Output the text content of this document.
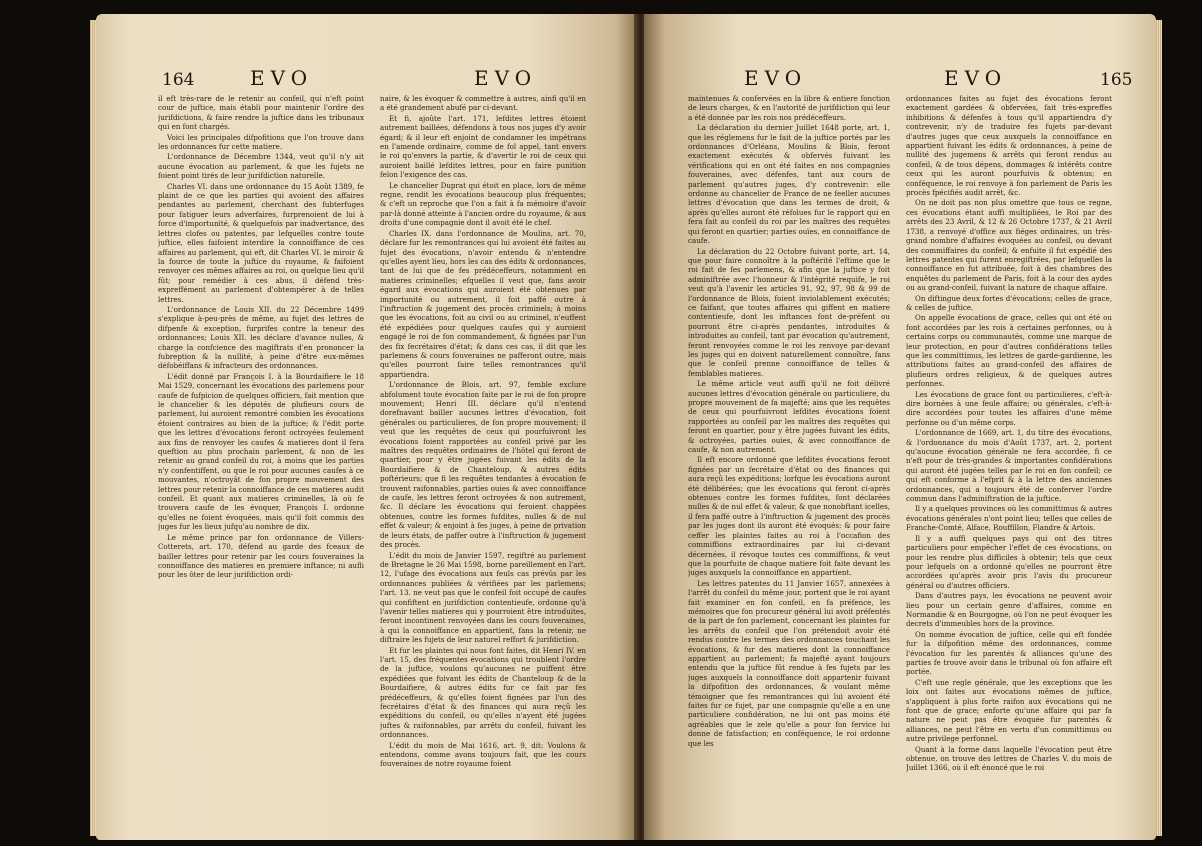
164	EVO	EVO

il eft très-rare de le retenir au confeil, qui n'eft point cour de juftice, mais établi pour maintenir l'ordre des jurifdictions, & faire rendre la juftice dans les tribunaux qui en font chargés.

Voici les principales difpofitions que l'on trouve dans les ordonnances fur cette matiere.

L'ordonnance de Décembre 1344, veut qu'il n'y ait aucune évocation au parlement, & que les fujets ne foient point tirés de leur jurifdiction naturelle.

Charles VI. dans une ordonnance du 15 Août 1389, fe plaint de ce que les parties qui avoient des affaires pendantes au parlement, cherchant des fubterfuges pour fatiguer leurs adverfaires, furprenoient de lui à force d'importunité, & quelquefois par inadvertance, des lettres clofes ou patentes, par lefquelles contre toute juftice, elles faifoient interdire la connoiffance de ces affaires au parlement, qui eft, dit Charles VI. le miroir & la fource de toute la juftice du royaume, & faifoient renvoyer ces mêmes affaires au roi, ou quelque lieu qu'il fût; pour remédier à ces abus, il défend très-expreffément au parlement d'obtempérer à de telles lettres.

L'ordonnance de Louis XII. du 22 Décembre 1499 s'explique à-peu-près de même, au fujet des lettres de difpenfe & exception, furprifes contre la teneur des ordonnances; Louis XII. les déclare d'avance nulles, & charge la confcience des magiftrats d'en prononcer la fubreption & la nullité, à peine d'être eux-mêmes défobéiffans & infracteurs des ordonnances.

L'édit donné par François I. à la Bourdaifiere le 18 Mai 1529, concernant les évocations des parlemens pour caufe de fufpicion de quelques officiers, fait mention que le chancelier & les députés de plufieurs cours de parlement, lui auroient remontré combien les évocations étoient contraires au bien de la juftice; & l'édit porte que les lettres d'évocations feront octroyées feulement aux fins de renvoyer les caufes & matieres dont il fera queftion au plus prochain parlement, & non de les retenir au grand confeil du roi, à moins que les parties n'y confentiffent, ou que le roi pour aucunes caufes à ce mouvantes, n'octroyât de fon propre mouvement des lettres pour retenir la connoiffance de ces matieres audit confeil. Et quant aux matieres criminelles, là où fe trouvera caufe de les évoquer, François I. ordonne qu'elles ne foient évoquées, mais qu'il foit commis des juges fur les lieux jufqu'au nombre de dix.

Le même prince par fon ordonnance de Villers-Cotterets, art. 170, défend au garde des fceaux de bailler lettres pour retenir par les cours fouveraines la connoiffance des matieres en premiere inftance; ni aufli pour les ôter de leur jurifdiction ordi-

naire, & les évoquer & commettre à autres, ainfi qu'il en a été grandement abufé par ci-devant.

Et fi, ajoûte l'art. 171, lefdites lettres étoient autrement baillées, défendons à tous nos juges d'y avoir égard; & il leur eft enjoint de condamner les impétrans en l'amende ordinaire, comme de fol appel, tant envers le roi qu'envers la partie, & d'avertir le roi de ceux qui auroient baillé lefdites lettres, pour en faire punition felon l'exigence des cas.

Le chancelier Duprat qui étoit en place, lors de même regne, rendit les évocations beaucoup plus fréquentes; & c'eft un reproche que l'on a fait à fa mémoire d'avoir par-là donné atteinte à l'ancien ordre du royaume, & aux droits d'une compagnie dont il avoit été le chef.

Charles IX. dans l'ordonnance de Moulins, art. 70, déclare fur les remontrances qui lui avoient été faites au fujet des évocations, n'avoir entendu & n'entendre qu'elles ayent lieu, hors les cas des édits & ordonnances, tant de lui que de fes prédéceffeurs, notamment en matieres criminelles; efquelles il veut que, fans avoir égard aux évocations qui auroient été obtenues par importunité ou autrement, il foit paffé outre à l'inftruction & jugement des procès criminels; à moins que les évocations, foit au civil ou au criminel, n'euffent été expédiées pour quelques caufes qui y auroient engagé le roi de fon commandement, & fignées par l'un des fix fecrétaires d'état; & dans ces cas, il dit que les parlemens & cours fouveraines ne pafferont outre, mais qu'elles pourront faire telles remontrances qu'il appartiendra.

L'ordonnance de Blois, art. 97, femble exclure abfolument toute évocation faite par le roi de fon propre mouvement; Henri III. déclare qu'il n'entend dorefnavant bailler aucunes lettres d'évocation, foit générales ou particulieres, de fon propre mouvement; il veut que les requêtes de ceux qui pourfuivront les évocations foient rapportées au confeil privé par les maîtres des requêtes ordinaires de l'hôtel qui feront de quartier, pour y être jugées fuivant les édits de la Bourdaifiere & de Chanteloup, & autres édits poftérieurs; que fi les requêtes tendantes à évocation fe trouvent raifonnables, parties ouies & avec connoiffance de caufe, les lettres feront octroyées & non autrement, &c. Il déclare les évocations qui feroient chappées obtenues, contre les formes fufdites, nulles & de nul effet & valeur; & enjoint à fes juges, à peine de privation de leurs états, de paffer outre à l'inftruction & jugement des procès.

L'édit du mois de Janvier 1597, regiftré au parlement de Bretagne le 26 Mai 1598, borne pareillement en l'art. 12, l'ufage des évocations aux feuls cas prévûs par les ordonnances publiées & vérifiées par les parlemens; l'art. 13. ne veut pas que le confeil foit occupé de caufes qui confiftent en jurifdiction contentieufe, ordonne qu'à l'avenir telles matieres qui y pourroient être introduites, feront incontinent renvoyées dans les cours fouveraines, à qui la connoiffance en appartient, fans la retenir, ne diftraire les fujets de leur naturel reffort & jurifdiction.

Et fur les plaintes qui nous font faites, dit Henri IV. en l'art. 15, des fréquentes évocations qui troublent l'ordre de la juftice, voulons qu'aucunes ne puiffent être expédiées que fuivant les édits de Chanteloup & de la Bourdaifiere, & autres édits fur ce fait par fes prédéceffeurs, & qu'elles foient fignées par l'un des fecrétaires d'état & des finances qui aura reçû les expéditions du confeil, ou qu'elles n'ayent été jugées juftes & raifonnables, par arrêts du confeil, fuivant les ordonnances.

L'édit du mois de Mai 1616, art. 9, dit: Voulons & entendons, comme avons toujours fait, que les cours fouveraines de notre royaume foient

EVO	EVO	165

maintenues & confervées en la libre & entiere fonction de leurs charges, & en l'autorité de jurifdiction qui leur a été donnée par les rois nos prédéceffeurs.

La déclaration du dernier Juillet 1648 porte, art. 1, que les réglemens fur le fait de la juftice portés par les ordonnances d'Orléans, Moulins & Blois, feront exactement exécutés & obfervés fuivant les vérifications qui en ont été faites en nos compagnies fouveraines, avec défenfes, tant aux cours de parlement qu'autres juges, d'y contrevenir: elle ordonne au chancelier de France de ne feeller aucunes lettres d'évocation que dans les termes de droit, & après qu'elles auront été réfolues fur le rapport qui en fera fait au confeil du roi par les maîtres des requêtes qui feront en quartier; parties ouïes, en connoiffance de caufe.

La déclaration du 22 Octobre fuivant porte, art. 14, que pour faire connoître à la poftérité l'eftime que le roi fait de fes parlemens, & afin que la juftice y foit adminiftrée avec l'honneur & l'intégrité requife, le roi veut qu'à l'avenir les articles 91, 92, 97, 98 & 99 de l'ordonnance de Blois, foient inviolablement exécutés; ce faifant, que toutes affaires qui giffent en matiere contentieufe, dont les inftances font de-préfent ou pourront être ci-après pendantes, introduites & introduites au confeil, tant par évocation qu'autrement, feront renvoyées comme le roi les renvoye par-devant les juges qui en doivent naturellement connoître, fans que le confeil prenne connoiffance de telles & femblables matieres.

Le même article veut auffi qu'il ne foit délivré aucunes lettres d'évocation générale ou particuliere, du propre mouvement de fa majefté; ains que les requêtes de ceux qui pourfuivront lefdites évocations foient rapportées au confeil par les maîtres des requêtes qui feront en quartier, pour y être jugées fuivant les édits, & octroyées, parties ouies, & avec connoiffance de caufe, & non autrement.

Il eft encore ordonné que lefdites évocations feront fignées par un fecrétaire d'état ou des finances qui aura reçû les expéditions; lorfque les évocations auront été délibérées; que les évocations qui feront ci-après obtenues contre les formes fufdites, font déclarées nulles & de nul effet & valeur, & que nonobftant icelles, il fera paffé outre à l'inftruction & jugement des procès par les juges dont ils auront été évoqués: & pour faire ceffer les plaintes faites au roi à l'occafion des commiffions extraordinaires par lui ci-devant décernées, il révoque toutes ces commiffions, & veut que la pourfuite de chaque matiere foit faite devant les juges auxquels la connoiffance en appartient.

Les lettres patentes du 11 Janvier 1657, annexées à l'arrêt du confeil du même jour, portent que le roi ayant fait examiner en fon confeil, en fa préfence, les mémoires que fon procureur général lui avoit préfentés de la part de fon parlement, concernant les plaintes fur les arrêts du confeil que l'on prétendoit avoir été rendus contre les termes des ordonnances touchant les évocations, & fur des matieres dont la connoiffance appartient au parlement; fa majefté ayant toujours entendu que la juftice fût rendue à fes fujets par les juges auxquels la connoiffance doit appartenir fuivant la difpofition des ordonnances, & voulant même témoigner que fes remontrances qui lui avoient été faites fur ce fujet, par une compagnie qu'elle a en une particuliere confidération, ne lui ont pas moins été agréables que le zele qu'elle a pour fon fervice lui donne de fatisfaction; en conféquence, le roi ordonne que les

ordonnances faites au fujet des évocations feront exactement gardées & obfervées, fait très-expreffes inhibitions & défenfes à tous qu'il appartiendra d'y contrevenir, n'y de traduire fes fujets par-devant d'autres juges que ceux auxquels la connoiffance en appartient fuivant les édits & ordonnances, à peine de nullité des jugemens & arrêts qui feront rendus au confeil, & de tous dépens, dommages & intérêts contre ceux qui les auront pourfuivis & obtenus; en conféquence, le roi renvoye à fon parlement de Paris les procès fpécifiés audit arrêt, &c.

On ne doit pas non plus omettre que tous ce regne, ces évocations étant auffi multipliées, le Roi par des arrêts des 23 Avril, & 12 & 26 Octobre 1737, & 21 Avril 1738, a renvoyé d'office aux fiéges ordinaires, un très-grand nombre d'affaires évoquées au confeil, ou devant des commiffaires du confeil; & enfuite il fut expédié des lettres patentes qui furent enregiftrées, par lefquelles la connoiffance en fut attribuée, foit à des chambres des enquêtes du parlement de Paris, foit à la cour des aydes ou au grand-confeil, fuivant la nature de chaque affaire.

On diftingue deux fortes d'évocations; celles de grace, & celles de juftice.

On appelle évocations de grace, celles qui ont été ou font accordées par les rois à certaines perfonnes, ou à certains corps ou communautés, comme une marque de leur protection, en pour d'autres confidérations telles que les committimus, les lettres de garde-gardienne, les attributions faites au grand-confeil des affaires de plufieurs ordres religieux, & de quelques autres perfonnes.

Les évocations de grace font ou particulieres, c'eft-à-dire bornées à une feule affaire; ou générales, c'eft-à-dire accordées pour toutes les affaires d'une même perfonne ou d'un même corps.

L'ordonnance de 1669, art. 1, du titre des évocations, & l'ordonnance du mois d'Août 1737, art. 2, portent qu'aucune évocation générale ne fera accordée, fi ce n'eft pour de très-grandes & importantes confidérations qui auront été jugées telles par le roi en fon confeil; ce qui eft conforme à l'efprit & à la lettre des anciennes ordonnances, qui a toujours été de conferver l'ordre commun dans l'adminiftration de la juftice.

Il y a quelques provinces où les committimus & autres évocations générales n'ont point lieu; telles que celles de Franche-Comté, Alface, Rouffillon, Flandre & Artois.

Il y a auffi quelques pays qui ont des titres particuliers pour empêcher l'effet de ces évocations, ou pour les rendre plus difficiles à obtenir; tels que ceux pour lefquels on a ordonné qu'elles ne pourront être accordées qu'après avoir pris l'avis du procureur général ou d'autres officiers.

Dans d'autres pays, les évocations ne peuvent avoir lieu pour un certain genre d'affaires, comme en Normandie & en Bourgogne, où l'on ne peut évoquer les decrets d'immeubles hors de la province.

On nomme évocation de juftice, celle qui eft fondée fur la difpofition même des ordonnances, comme l'évocation fur les parentés & alliances qu'une des parties fe trouve avoir dans le tribunal où fon affaire eft portée.

C'eft une regle générale, que les exceptions que les loix ont faites aux évocations mêmes de juftice, s'appliquent à plus forte raifon aux évocations qui ne font que de grace; enforte qu'une affaire qui par fa nature ne peut pas être évoquée fur parentés & alliances, ne peut l'être en vertu d'un committimus ou autre privilege perfonnel.

Quant à la forme dans laquelle l'évocation peut être obtenue, on trouve des lettres de Charles V. du mois de Juillet 1366, où il eft énoncé que le roi
